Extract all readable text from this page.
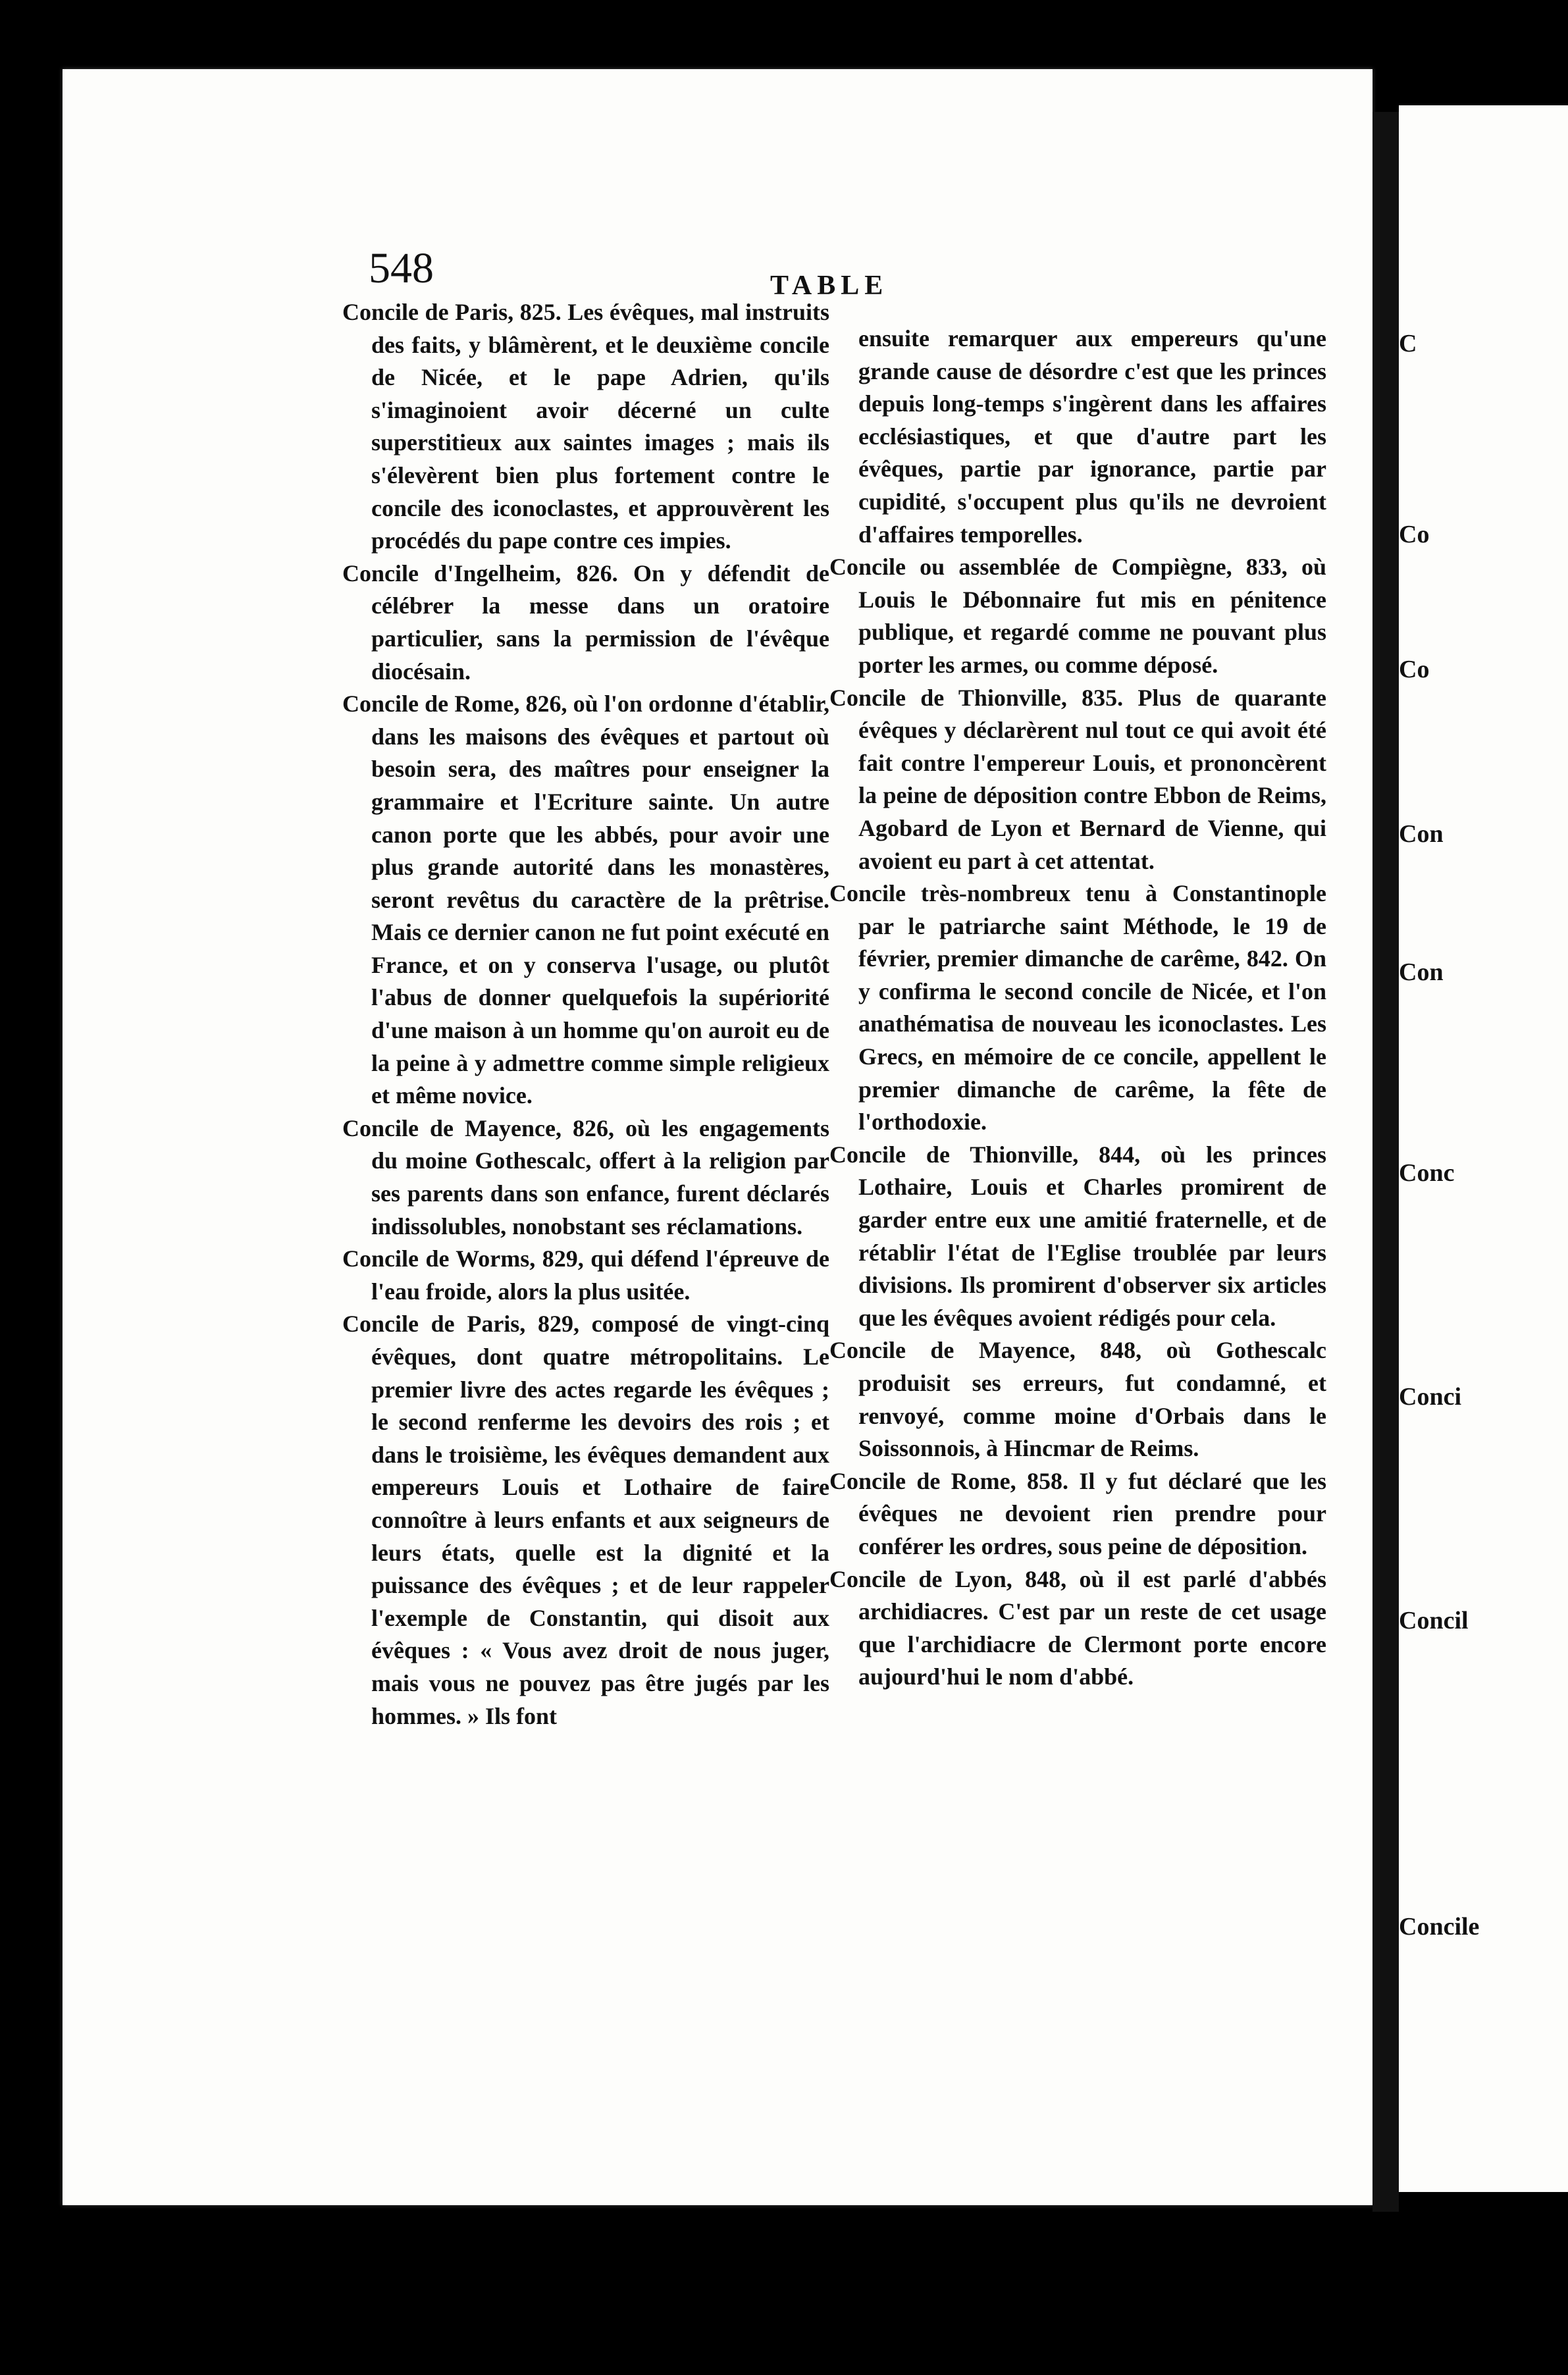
C
Co
Co
Con
Con
Conc
Conci
Concil
Concile
548	TABLE

Concile de Paris, 825. Les évêques, mal instruits des faits, y blâmèrent, et le deuxième concile de Nicée, et le pape Adrien, qu'ils s'imaginoient avoir décerné un culte superstitieux aux saintes images ; mais ils s'élevèrent bien plus fortement contre le concile des iconoclastes, et approuvèrent les procédés du pape contre ces impies.

Concile d'Ingelheim, 826. On y défendit de célébrer la messe dans un oratoire particulier, sans la permission de l'évêque diocésain.

Concile de Rome, 826, où l'on ordonne d'établir, dans les maisons des évêques et partout où besoin sera, des maîtres pour enseigner la grammaire et l'Ecriture sainte. Un autre canon porte que les abbés, pour avoir une plus grande autorité dans les monastères, seront revêtus du caractère de la prêtrise. Mais ce dernier canon ne fut point exécuté en France, et on y conserva l'usage, ou plutôt l'abus de donner quelquefois la supériorité d'une maison à un homme qu'on auroit eu de la peine à y admettre comme simple religieux et même novice.

Concile de Mayence, 826, où les engagements du moine Gothescalc, offert à la religion par ses parents dans son enfance, furent déclarés indissolubles, nonobstant ses réclamations.

Concile de Worms, 829, qui défend l'épreuve de l'eau froide, alors la plus usitée.

Concile de Paris, 829, composé de vingt-cinq évêques, dont quatre métropolitains. Le premier livre des actes regarde les évêques ; le second renferme les devoirs des rois ; et dans le troisième, les évêques demandent aux empereurs Louis et Lothaire de faire connoître à leurs enfants et aux seigneurs de leurs états, quelle est la dignité et la puissance des évêques ; et de leur rappeler l'exemple de Constantin, qui disoit aux évêques : « Vous avez droit de nous juger, mais vous ne pouvez pas être jugés par les hommes. » Ils font

ensuite remarquer aux empereurs qu'une grande cause de désordre c'est que les princes depuis long-temps s'ingèrent dans les affaires ecclésiastiques, et que d'autre part les évêques, partie par ignorance, partie par cupidité, s'occupent plus qu'ils ne devroient d'affaires temporelles.

Concile ou assemblée de Compiègne, 833, où Louis le Débonnaire fut mis en pénitence publique, et regardé comme ne pouvant plus porter les armes, ou comme déposé.

Concile de Thionville, 835. Plus de quarante évêques y déclarèrent nul tout ce qui avoit été fait contre l'empereur Louis, et prononcèrent la peine de déposition contre Ebbon de Reims, Agobard de Lyon et Bernard de Vienne, qui avoient eu part à cet attentat.

Concile très-nombreux tenu à Constantinople par le patriarche saint Méthode, le 19 de février, premier dimanche de carême, 842. On y confirma le second concile de Nicée, et l'on anathématisa de nouveau les iconoclastes. Les Grecs, en mémoire de ce concile, appellent le premier dimanche de carême, la fête de l'orthodoxie.

Concile de Thionville, 844, où les princes Lothaire, Louis et Charles promirent de garder entre eux une amitié fraternelle, et de rétablir l'état de l'Eglise troublée par leurs divisions. Ils promirent d'observer six articles que les évêques avoient rédigés pour cela.

Concile de Mayence, 848, où Gothescalc produisit ses erreurs, fut condamné, et renvoyé, comme moine d'Orbais dans le Soissonnois, à Hincmar de Reims.

Concile de Rome, 858. Il y fut déclaré que les évêques ne devoient rien prendre pour conférer les ordres, sous peine de déposition.

Concile de Lyon, 848, où il est parlé d'abbés archidiacres. C'est par un reste de cet usage que l'archidiacre de Clermont porte encore aujourd'hui le nom d'abbé.
